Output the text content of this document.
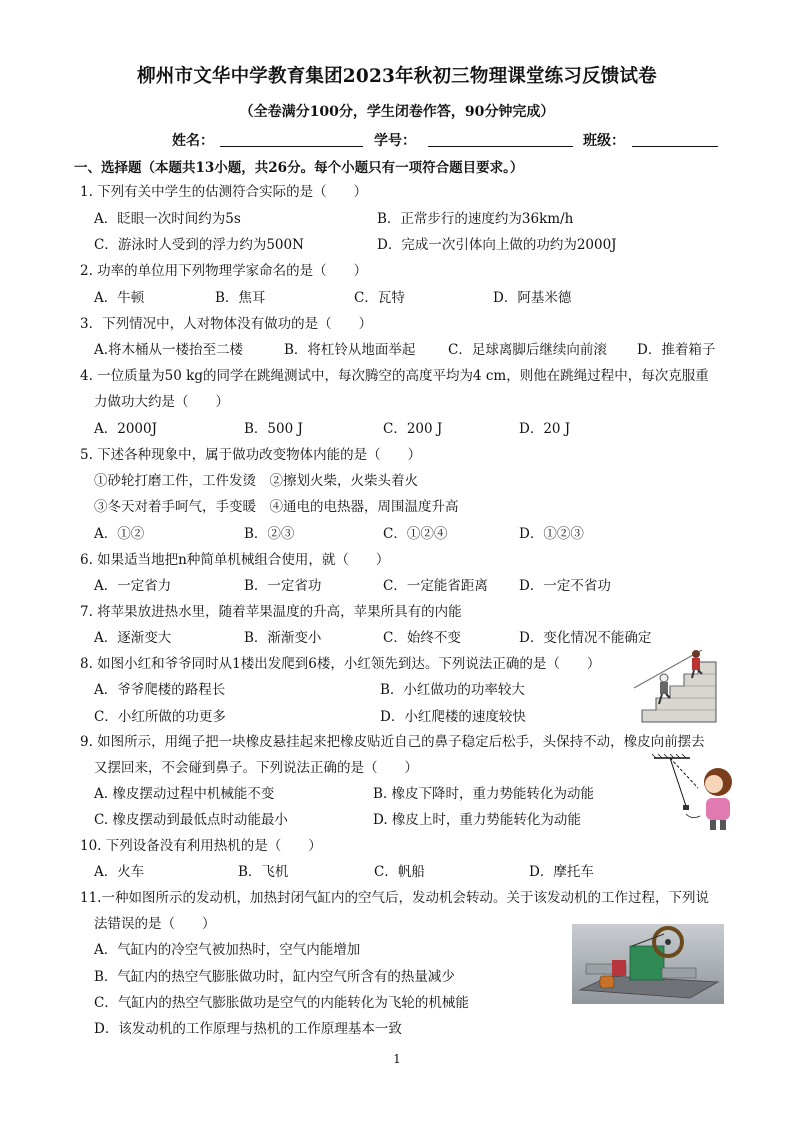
柳州市文华中学教育集团2023年秋初三物理课堂练习反馈试卷
（全卷满分100分，学生闭卷作答，90分钟完成）
姓名：	学号：	班级：
一、选择题（本题共13小题，共26分。每个小题只有一项符合题目要求。）
1. 下列有关中学生的估测符合实际的是（　　）
A．眨眼一次时间约为5s	B．正常步行的速度约为36km/h
C．游泳时人受到的浮力约为500N	D．完成一次引体向上做的功约为2000J
2. 功率的单位用下列物理学家命名的是（　　）
A．牛顿	B．焦耳	C．瓦特	D．阿基米德
3．下列情况中，人对物体没有做功的是（　　）
A.将木桶从一楼抬至二楼	B．将杠铃从地面举起 C．足球离脚后继续向前滚 D．推着箱子
4. 一位质量为50 kg的同学在跳绳测试中，每次腾空的高度平均为4 cm，则他在跳绳过程中，每次克服重
力做功大约是（　　）
A．2000J	B．500 J	C．200 J	D．20 J
5. 下述各种现象中，属于做功改变物体内能的是（　　）
①砂轮打磨工件，工件发烫　②擦划火柴，火柴头着火
③冬天对着手呵气，手变暖　④通电的电热器，周围温度升高
A．①②	B．②③	C．①②④	D．①②③
6. 如果适当地把n种简单机械组合使用，就（　　）
A．一定省力	B．一定省功	C．一定能省距离 D．一定不省功
7. 将苹果放进热水里，随着苹果温度的升高，苹果所具有的内能
A．逐渐变大	B．渐渐变小	C．始终不变	D．变化情况不能确定
8. 如图小红和爷爷同时从1楼出发爬到6楼，小红领先到达。下列说法正确的是（　　）
A．爷爷爬楼的路程长	B．小红做功的功率较大
C．小红所做的功更多	D．小红爬楼的速度较快
9. 如图所示，用绳子把一块橡皮悬挂起来把橡皮贴近自己的鼻子稳定后松手，头保持不动，橡皮向前摆去
又摆回来，不会碰到鼻子。下列说法正确的是（　　）
A. 橡皮摆动过程中机械能不变	B. 橡皮下降时，重力势能转化为动能
C. 橡皮摆动到最低点时动能最小	D. 橡皮上时，重力势能转化为动能
10. 下列设备没有利用热机的是（　　）
A．火车	B．飞机	C．帆船	D．摩托车
11.一种如图所示的发动机，加热封闭气缸内的空气后，发动机会转动。关于该发动机的工作过程，下列说
法错误的是（　　）
A．气缸内的冷空气被加热时，空气内能增加
B．气缸内的热空气膨胀做功时，缸内空气所含有的热量减少
C．气缸内的热空气膨胀做功是空气的内能转化为飞轮的机械能
D．该发动机的工作原理与热机的工作原理基本一致
1
